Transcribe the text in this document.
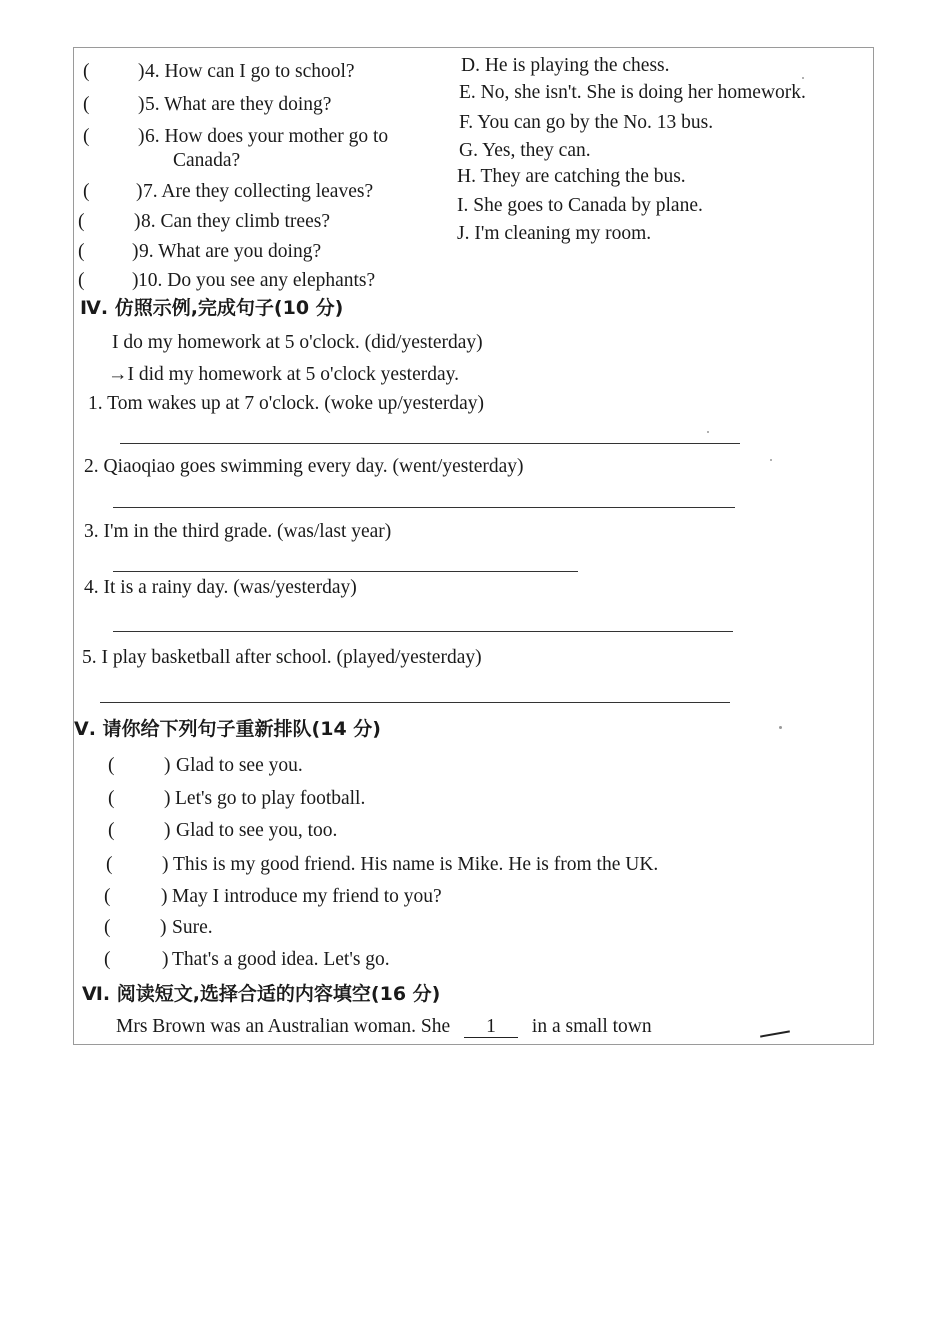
( ) 4. How can I go to school?
( ) 5. What are they doing?
( ) 6. How does your mother go to
Canada?
( ) 7. Are they collecting leaves?
(	) 8. Can they climb trees?
( ) 9. What are you doing?
( ) 10. Do you see any elephants?
D. He is playing the chess.
E. No, she isn't. She is doing her homework.
F. You can go by the No. 13 bus.
G. Yes, they can.
H. They are catching the bus.
I. She goes to Canada by plane.
J. I'm cleaning my room.
Ⅳ. 仿照示例,完成句子(10 分)
I do my homework at 5 o'clock. (did/yesterday)
→I did my homework at 5 o'clock yesterday.
1. Tom wakes up at 7 o'clock. (woke up/yesterday)
2. Qiaoqiao goes swimming every day. (went/yesterday)
3. I'm in the third grade. (was/last year)
4. It is a rainy day. (was/yesterday)
5. I play basketball after school. (played/yesterday)
Ⅴ. 请你给下列句子重新排队(14 分)
(	) Glad to see you.
(	) Let's go to play football.
(	) Glad to see you, too.
(	) This is my good friend. His name is Mike. He is from the UK.
(	) May I introduce my friend to you?
(	) Sure.
(	) That's a good idea. Let's go.
Ⅵ. 阅读短文,选择合适的内容填空(16 分)
Mrs Brown was an Australian woman. She 1 in a small town
